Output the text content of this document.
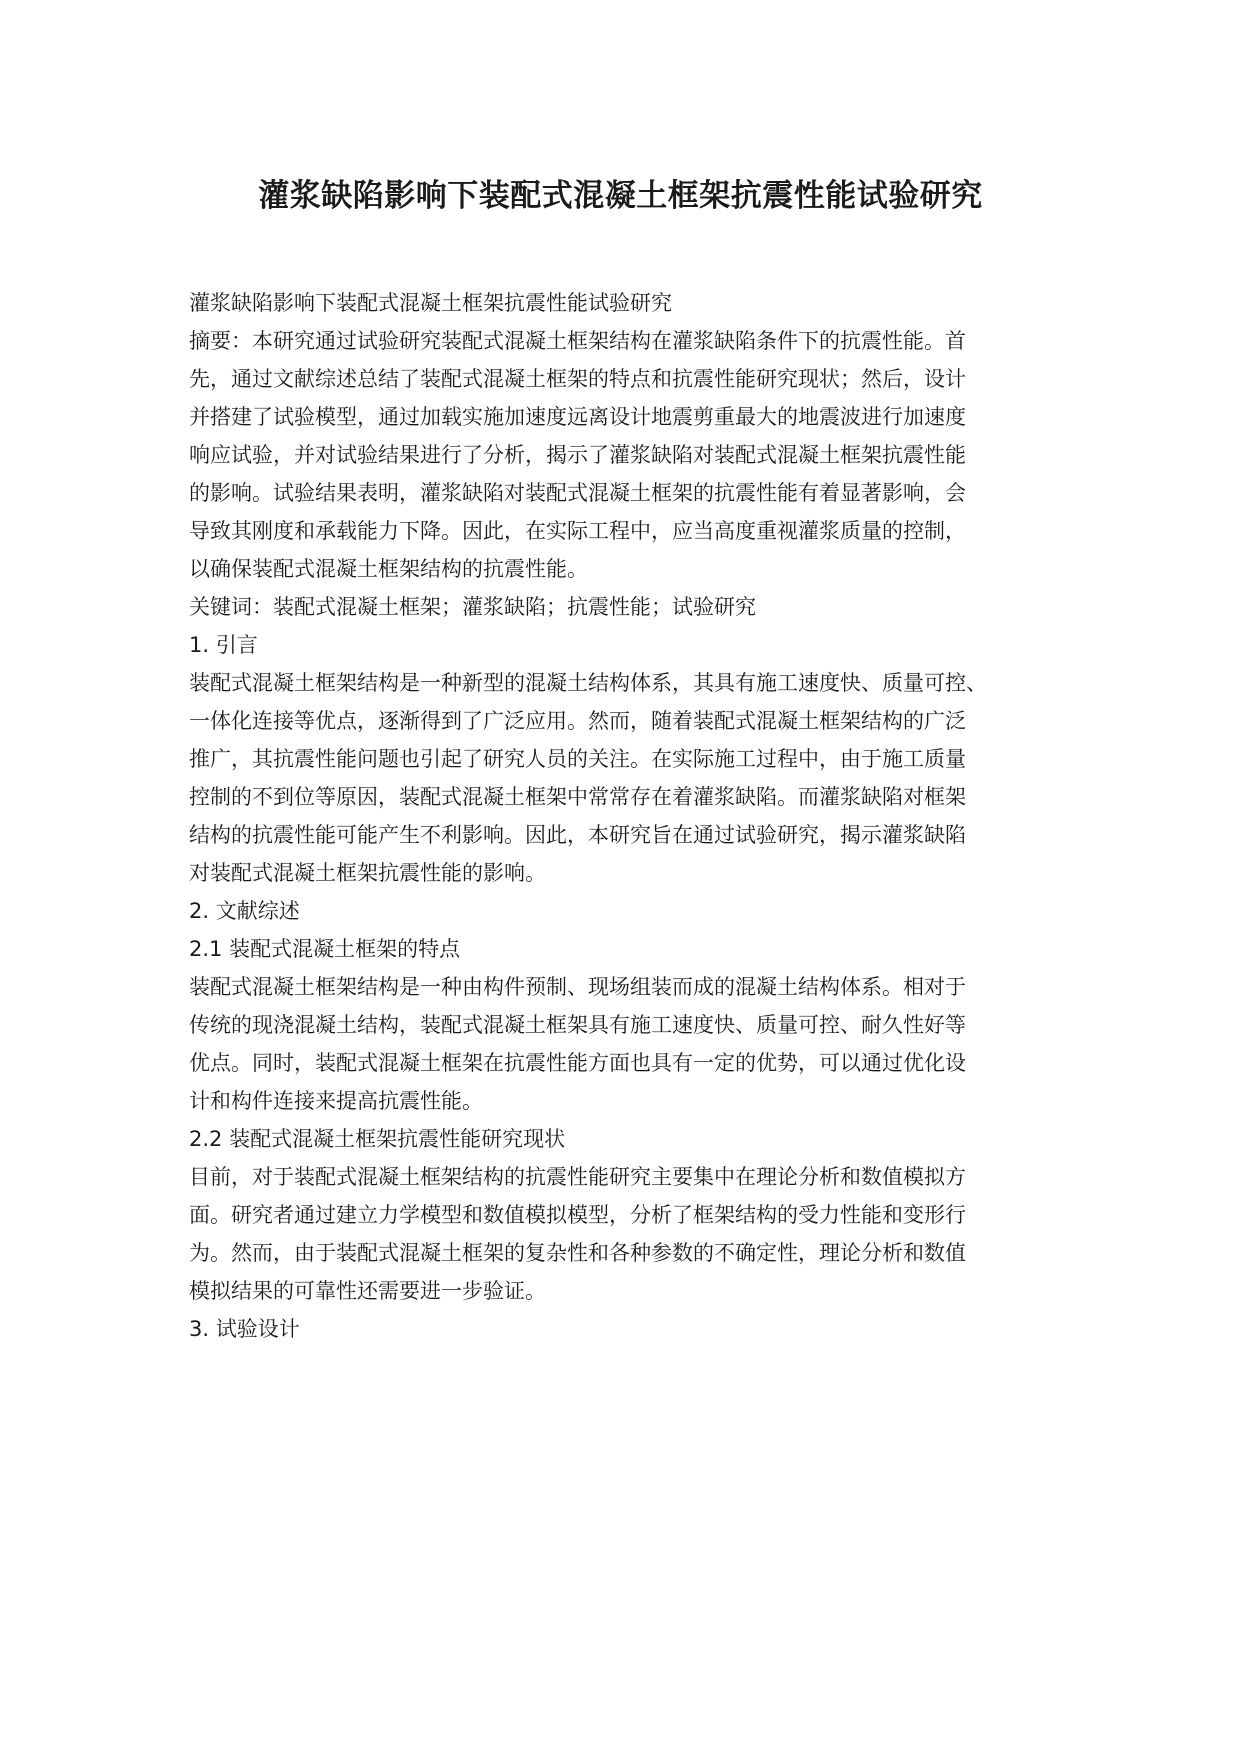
灌浆缺陷影响下装配式混凝土框架抗震性能试验研究

灌浆缺陷影响下装配式混凝土框架抗震性能试验研究

摘要：本研究通过试验研究装配式混凝土框架结构在灌浆缺陷条件下的抗震性能。首
先，通过文献综述总结了装配式混凝土框架的特点和抗震性能研究现状；然后，设计
并搭建了试验模型，通过加载实施加速度远离设计地震剪重最大的地震波进行加速度
响应试验，并对试验结果进行了分析，揭示了灌浆缺陷对装配式混凝土框架抗震性能
的影响。试验结果表明，灌浆缺陷对装配式混凝土框架的抗震性能有着显著影响，会
导致其刚度和承载能力下降。因此，在实际工程中，应当高度重视灌浆质量的控制，
以确保装配式混凝土框架结构的抗震性能。

关键词：装配式混凝土框架；灌浆缺陷；抗震性能；试验研究

1. 引言

装配式混凝土框架结构是一种新型的混凝土结构体系，其具有施工速度快、质量可控、
一体化连接等优点，逐渐得到了广泛应用。然而，随着装配式混凝土框架结构的广泛
推广，其抗震性能问题也引起了研究人员的关注。在实际施工过程中，由于施工质量
控制的不到位等原因，装配式混凝土框架中常常存在着灌浆缺陷。而灌浆缺陷对框架
结构的抗震性能可能产生不利影响。因此，本研究旨在通过试验研究，揭示灌浆缺陷
对装配式混凝土框架抗震性能的影响。

2. 文献综述

2.1 装配式混凝土框架的特点

装配式混凝土框架结构是一种由构件预制、现场组装而成的混凝土结构体系。相对于
传统的现浇混凝土结构，装配式混凝土框架具有施工速度快、质量可控、耐久性好等
优点。同时，装配式混凝土框架在抗震性能方面也具有一定的优势，可以通过优化设
计和构件连接来提高抗震性能。

2.2 装配式混凝土框架抗震性能研究现状

目前，对于装配式混凝土框架结构的抗震性能研究主要集中在理论分析和数值模拟方
面。研究者通过建立力学模型和数值模拟模型，分析了框架结构的受力性能和变形行
为。然而，由于装配式混凝土框架的复杂性和各种参数的不确定性，理论分析和数值
模拟结果的可靠性还需要进一步验证。

3. 试验设计
